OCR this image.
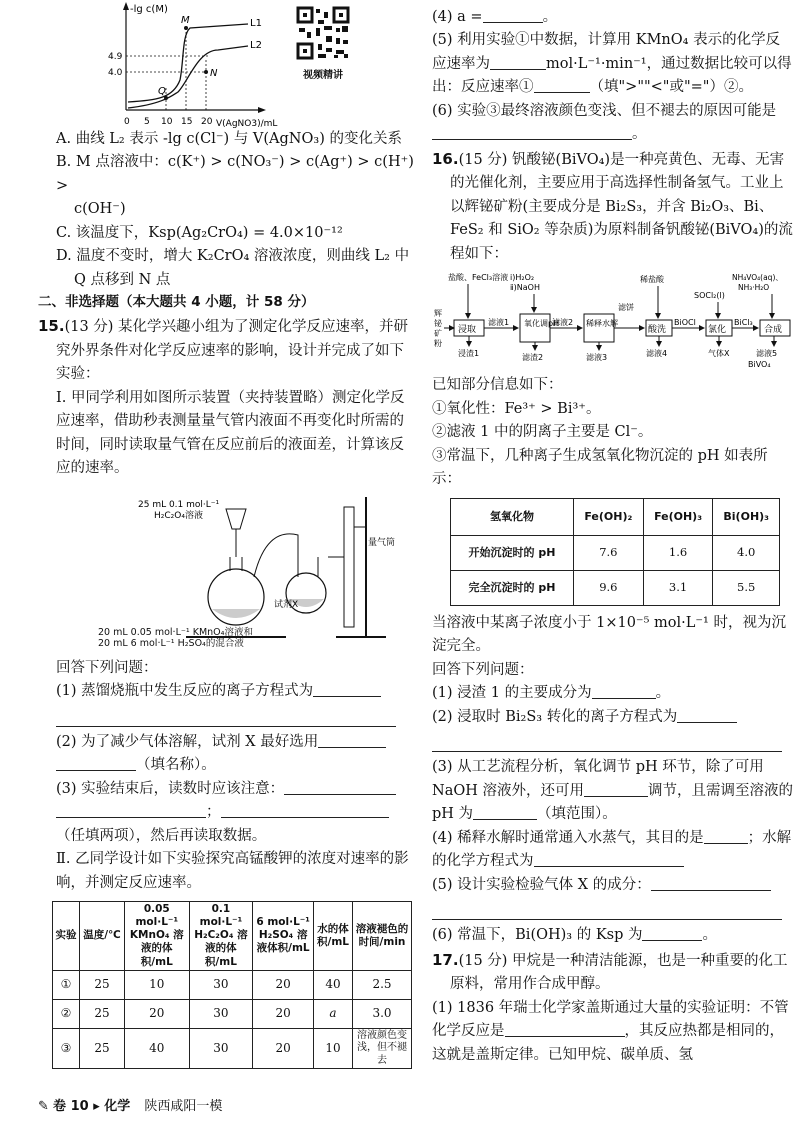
-lg c(M)
V(AgNO3)/mL
4.9
4.0
0 5 10 15 20
L1
L2
M
N
Q
视频精讲

A. 曲线 L₂ 表示 -lg c(Cl⁻) 与 V(AgNO₃) 的变化关系

B. M 点溶液中：c(K⁺) > c(NO₃⁻) > c(Ag⁺) > c(H⁺) >

c(OH⁻)

C. 该温度下，Ksp(Ag₂CrO₄) = 4.0×10⁻¹²

D. 温度不变时，增大 K₂CrO₄ 溶液浓度，则曲线 L₂ 中

Q 点移到 N 点

二、非选择题（本大题共 4 小题，计 58 分）

15.(13 分) 某化学兴趣小组为了测定化学反应速率，并研究外界条件对化学反应速率的影响，设计并完成了如下实验：

Ⅰ. 甲同学利用如图所示装置（夹持装置略）测定化学反应速率，借助秒表测量量气管内液面不再变化时所需的时间，同时读取量气管在反应前后的液面差，计算该反应的速率。

25 mL 0.1 mol·L⁻¹
H₂C₂O₄溶液
量气筒
试剂X
20 mL 0.05 mol·L⁻¹ KMnO₄溶液和
20 mL 6 mol·L⁻¹ H₂SO₄的混合液

回答下列问题：

(1) 蒸馏烧瓶中发生反应的离子方程式为

(2) 为了减少气体溶解，试剂 X 最好选用

（填名称）。

(3) 实验结束后，读数时应该注意：

；

（任填两项），然后再读取数据。

Ⅱ. 乙同学设计如下实验探究高锰酸钾的浓度对速率的影响，并测定反应速率。

实验	温度/℃	0.05 mol·L⁻¹ KMnO₄ 溶液的体积/mL	0.1 mol·L⁻¹ H₂C₂O₄ 溶液的体积/mL	6 mol·L⁻¹ H₂SO₄ 溶液体积/mL	水的体积/mL	溶液褪色的时间/min
①	25	10	30	20	40	2.5
②	25	20	30	20	a	3.0
③	25	40	30	20	10	溶液颜色变浅，但不褪去

(4) a =	。

(5) 利用实验①中数据，计算用 KMnO₄ 表示的化学反应速率为	mol·L⁻¹·min⁻¹，通过数据比较可以得出：反应速率①	（填">""<"或"="）②。

(6) 实验③最终溶液颜色变浅、但不褪去的原因可能是。

16.(15 分) 钒酸铋(BiVO₄)是一种亮黄色、无毒、无害的光催化剂，主要应用于高选择性制备氢气。工业上以辉铋矿粉(主要成分是 Bi₂S₃，并含 Bi₂O₃、Bi、FeS₂ 和 SiO₂ 等杂质)为原料制备钒酸铋(BiVO₄)的流程如下：

辉铋矿粉
盐酸、FeCl₃溶液
浸取
滤液1
浸渣1
ⅰ)H₂O₂
ⅱ)NaOH
氧化调pH
滤液2
滤渣2
稀释水解
滤饼
滤液3
稀盐酸
酸洗
BiOCl
滤液4
SOCl₂(l)
氯化
BiCl₃
气体X
NH₄VO₄(aq)、
NH₃·H₂O
合成
滤液5
BiVO₄

已知部分信息如下：

①氧化性：Fe³⁺ > Bi³⁺。

②滤液 1 中的阴离子主要是 Cl⁻。

③常温下，几种离子生成氢氧化物沉淀的 pH 如表所示：

氢氧化物	Fe(OH)₂	Fe(OH)₃	Bi(OH)₃
开始沉淀时的 pH	7.6	1.6	4.0
完全沉淀时的 pH	9.6	3.1	5.5

当溶液中某离子浓度小于 1×10⁻⁵ mol·L⁻¹ 时，视为沉淀完全。

回答下列问题：

(1) 浸渣 1 的主要成分为	。

(2) 浸取时 Bi₂S₃ 转化的离子方程式为

(3) 从工艺流程分析，氧化调节 pH 环节，除了可用 NaOH 溶液外，还可用	调节，且需调至溶液的 pH 为	（填范围）。

(4) 稀释水解时通常通入水蒸气，其目的是	；水解的化学方程式为

(5) 设计实验检验气体 X 的成分：

(6) 常温下，Bi(OH)₃ 的 Ksp 为	。

17.(15 分) 甲烷是一种清洁能源，也是一种重要的化工原料，常用作合成甲醇。

(1) 1836 年瑞士化学家盖斯通过大量的实验证明：不管化学反应是	，其反应热都是相同的，这就是盖斯定律。已知甲烷、碳单质、氢

✎ 卷 10 ▸ 化学 陕西咸阳一模
